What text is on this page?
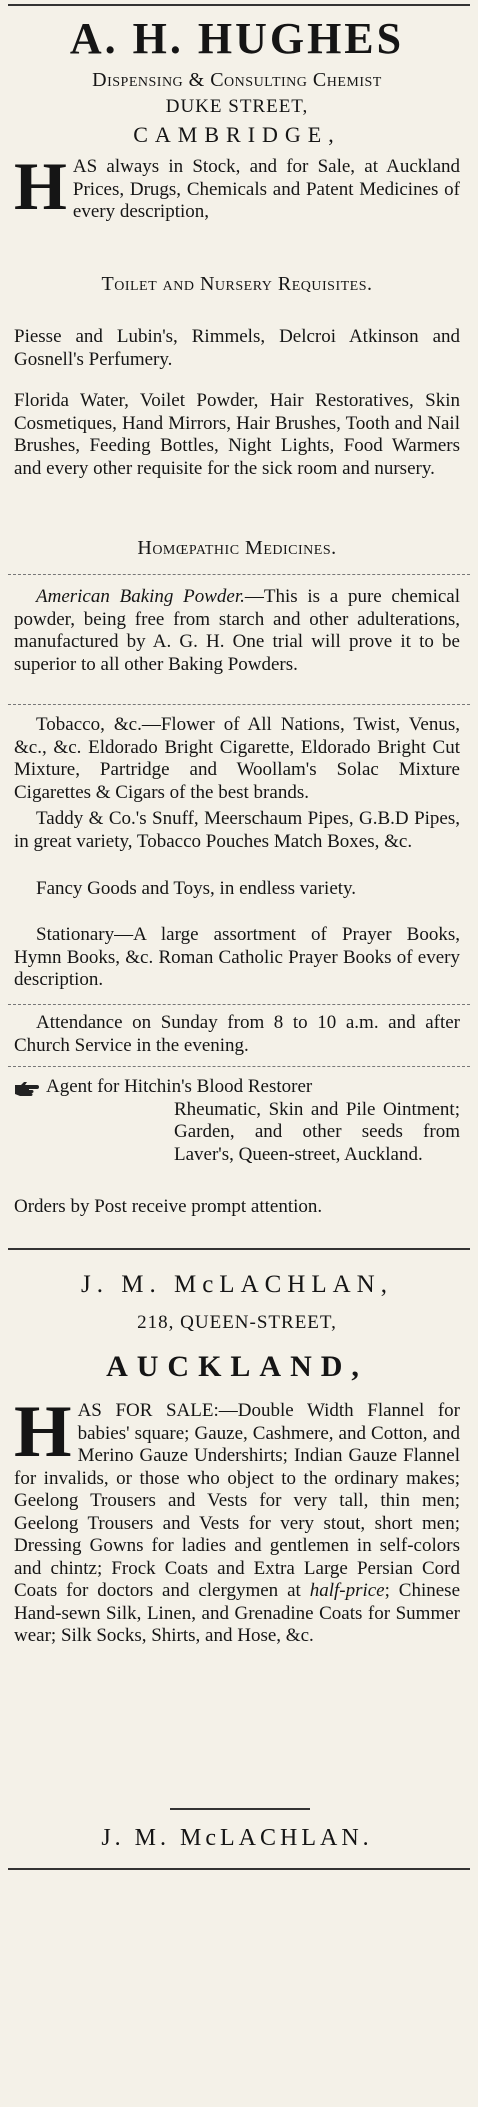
A. H. HUGHES
Dispensing & Consulting Chemist
DUKE STREET,
CAMBRIDGE,
HAS always in Stock, and for Sale, at Auckland Prices, Drugs, Chemicals and Patent Medicines of every description,
Toilet and Nursery Requisites.
Piesse and Lubin's, Rimmels, Delcroi Atkinson and Gosnell's Perfumery.
Florida Water, Voilet Powder, Hair Restoratives, Skin Cosmetiques, Hand Mirrors, Hair Brushes, Tooth and Nail Brushes, Feeding Bottles, Night Lights, Food Warmers and every other requisite for the sick room and nursery.
Homœpathic Medicines.
American Baking Powder.—This is a pure chemical powder, being free from starch and other adulterations, manufactured by A. G. H. One trial will prove it to be superior to all other Baking Powders.
Tobacco, &c.—Flower of All Nations, Twist, Venus, &c., &c. Eldorado Bright Cigarette, Eldorado Bright Cut Mixture, Partridge and Woollam's Solac Mixture Cigarettes & Cigars of the best brands.
Taddy & Co.'s Snuff, Meerschaum Pipes, G.B.D Pipes, in great variety, Tobacco Pouches Match Boxes, &c.
Fancy Goods and Toys, in endless variety.
Stationary—A large assortment of Prayer Books, Hymn Books, &c. Roman Catholic Prayer Books of every description.
Attendance on Sunday from 8 to 10 a.m. and after Church Service in the evening.
Agent for Hitchin's Blood Restorer
Rheumatic, Skin and Pile Ointment; Garden, and other seeds from Laver's, Queen-street, Auckland.
Orders by Post receive prompt attention.
J. M. McLACHLAN,
218, QUEEN-STREET,
AUCKLAND,
HAS FOR SALE:—Double Width Flannel for babies' square; Gauze, Cashmere, and Cotton, and Merino Gauze Undershirts; Indian Gauze Flannel for invalids, or those who object to the ordinary makes; Geelong Trousers and Vests for very tall, thin men; Geelong Trousers and Vests for very stout, short men; Dressing Gowns for ladies and gentlemen in self-colors and chintz; Frock Coats and Extra Large Persian Cord Coats for doctors and clergymen at half-price; Chinese Hand-sewn Silk, Linen, and Grenadine Coats for Summer wear; Silk Socks, Shirts, and Hose, &c.
J. M. McLACHLAN.
